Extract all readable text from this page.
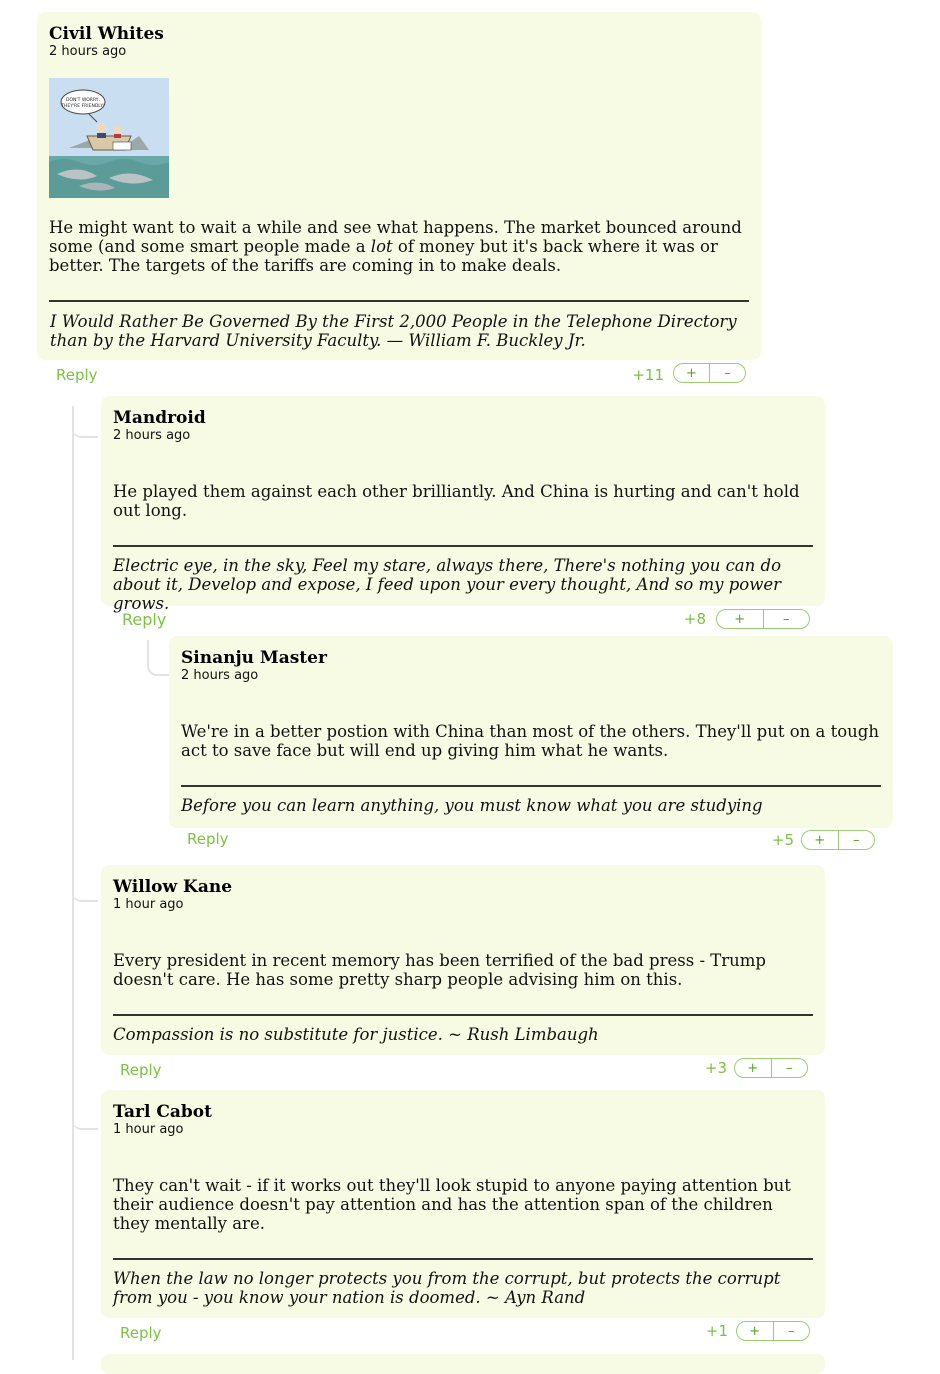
Civil Whites
2 hours ago
DON'T WORRY,
THEY'RE FRIENDLY!
He might want to wait a while and see what happens. The market bounced around some (and some smart people made a lot of money but it's back where it was or better. The targets of the tariffs are coming in to make deals.
I Would Rather Be Governed By the First 2,000 People in the Telephone Directory than by the Harvard University Faculty. — William F. Buckley Jr.
Reply	+11	+	–
Mandroid
2 hours ago
He played them against each other brilliantly. And China is hurting and can't hold out long.
Electric eye, in the sky, Feel my stare, always there, There's nothing you can do about it, Develop and expose, I feed upon your every thought, And so my power grows.
Reply	+8	+	–
Sinanju Master
2 hours ago
We're in a better postion with China than most of the others. They'll put on a tough act to save face but will end up giving him what he wants.
Before you can learn anything, you must know what you are studying
Reply	+5	+	–
Willow Kane
1 hour ago
Every president in recent memory has been terrified of the bad press - Trump doesn't care. He has some pretty sharp people advising him on this.
Compassion is no substitute for justice. ~ Rush Limbaugh
Reply	+3	+	–
Tarl Cabot
1 hour ago
They can't wait - if it works out they'll look stupid to anyone paying attention but their audience doesn't pay attention and has the attention span of the children they mentally are.
When the law no longer protects you from the corrupt, but protects the corrupt from you - you know your nation is doomed. ~ Ayn Rand
Reply	+1	+	–
